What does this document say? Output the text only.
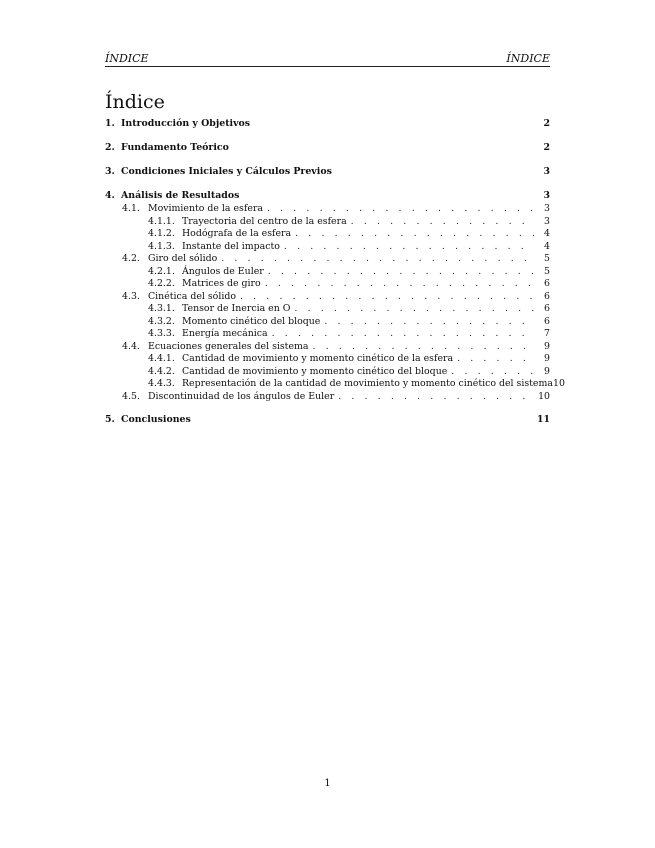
ÍNDICE	ÍNDICE
Índice
1. Introducción y Objetivos	2
2. Fundamento Teórico	2
3. Condiciones Iniciales y Cálculos Previos	3
4. Análisis de Resultados	3
4.1. Movimiento de la esfera . . .	3
4.1.1. Trayectoria del centro de la esfera . . .	3
4.1.2. Hodógrafa de la esfera . . .	4
4.1.3. Instante del impacto . . .	4
4.2. Giro del sólido . . .	5
4.2.1. Ángulos de Euler . . .	5
4.2.2. Matrices de giro . . .	6
4.3. Cinética del sólido . . .	6
4.3.1. Tensor de Inercia en O . . .	6
4.3.2. Momento cinético del bloque . . .	6
4.3.3. Energía mecánica . . .	7
4.4. Ecuaciones generales del sistema . . .	9
4.4.1. Cantidad de movimiento y momento cinético de la esfera . . .	9
4.4.2. Cantidad de movimiento y momento cinético del bloque . . .	9
4.4.3. Representación de la cantidad de movimiento y momento cinético del sistema 10
4.5. Discontinuidad de los ángulos de Euler . . .	10
5. Conclusiones	11
1
